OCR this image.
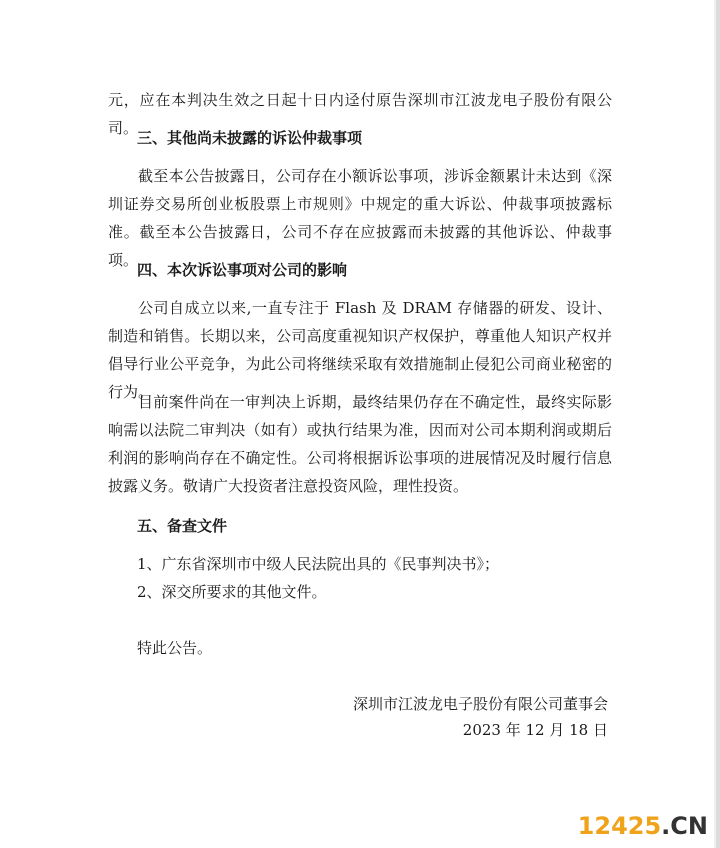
元，应在本判决生效之日起十日内迳付原告深圳市江波龙电子股份有限公司。

三、其他尚未披露的诉讼仲裁事项

截至本公告披露日，公司存在小额诉讼事项，涉诉金额累计未达到《深圳证券交易所创业板股票上市规则》中规定的重大诉讼、仲裁事项披露标准。截至本公告披露日，公司不存在应披露而未披露的其他诉讼、仲裁事项。

四、本次诉讼事项对公司的影响

公司自成立以来,一直专注于 Flash 及 DRAM 存储器的研发、设计、制造和销售。长期以来，公司高度重视知识产权保护，尊重他人知识产权并倡导行业公平竞争，为此公司将继续采取有效措施制止侵犯公司商业秘密的行为。

目前案件尚在一审判决上诉期，最终结果仍存在不确定性，最终实际影响需以法院二审判决（如有）或执行结果为准，因而对公司本期利润或期后利润的影响尚存在不确定性。公司将根据诉讼事项的进展情况及时履行信息披露义务。敬请广大投资者注意投资风险，理性投资。

五、备查文件

1、广东省深圳市中级人民法院出具的《民事判决书》；

2、深交所要求的其他文件。

特此公告。

深圳市江波龙电子股份有限公司董事会

2023 年 12 月 18 日

12425.CN
